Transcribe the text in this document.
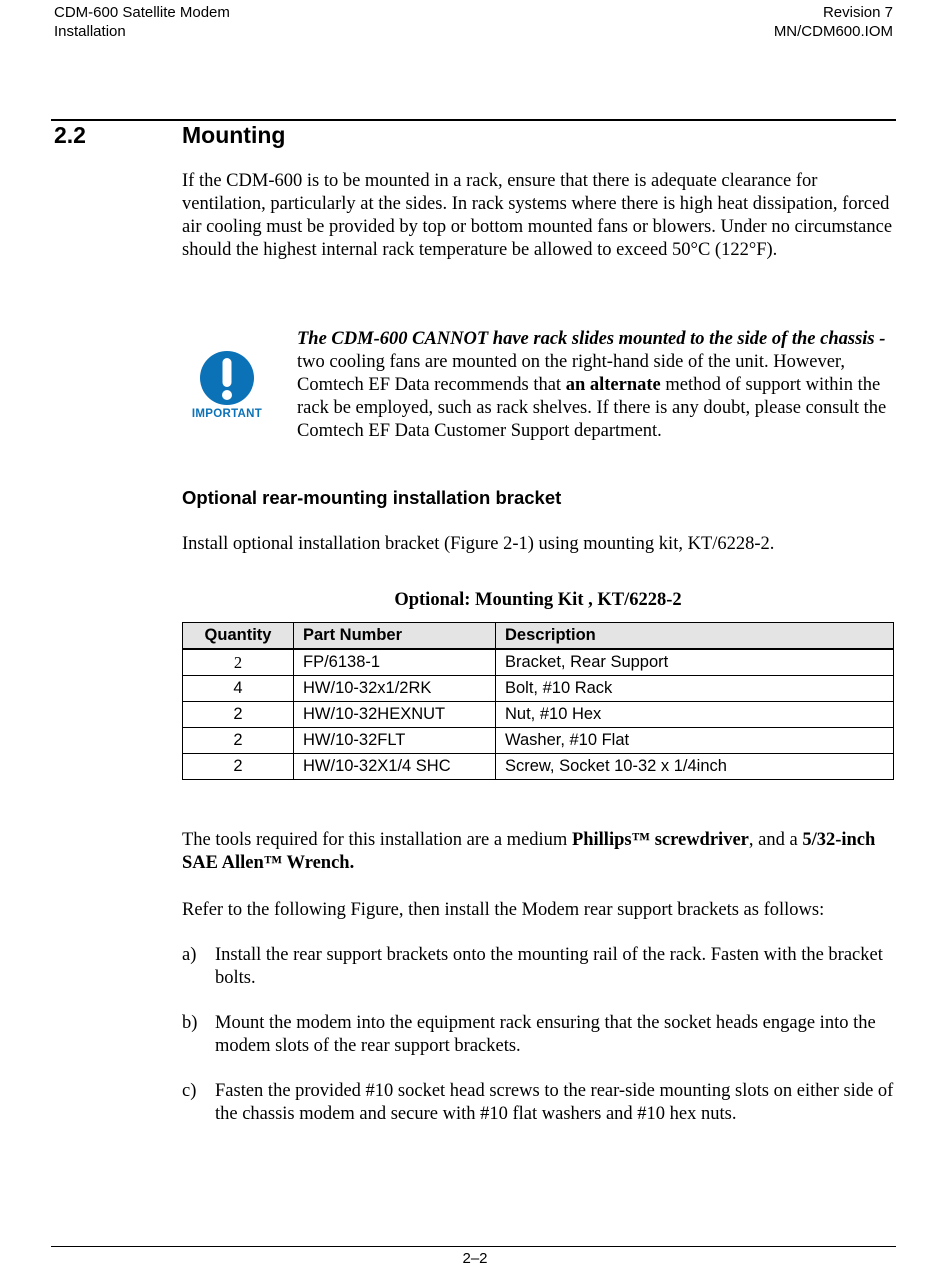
CDM-600 Satellite Modem
Installation
Revision 7
MN/CDM600.IOM
2.2	Mounting
If the CDM-600 is to be mounted in a rack, ensure that there is adequate clearance for ventilation, particularly at the sides. In rack systems where there is high heat dissipation, forced air cooling must be provided by top or bottom mounted fans or blowers. Under no circumstance should the highest internal rack temperature be allowed to exceed 50°C (122°F).
IMPORTANT
The CDM-600 CANNOT have rack slides mounted to the side of the chassis - two cooling fans are mounted on the right-hand side of the unit. However, Comtech EF Data recommends that an alternate method of support within the rack be employed, such as rack shelves. If there is any doubt, please consult the Comtech EF Data Customer Support department.
Optional rear-mounting installation bracket
Install optional installation bracket (Figure 2-1) using mounting kit, KT/6228-2.
Optional: Mounting Kit , KT/6228-2
Quantity	Part Number	Description
2	FP/6138-1	Bracket, Rear Support
4	HW/10-32x1/2RK	Bolt, #10 Rack
2	HW/10-32HEXNUT	Nut, #10 Hex
2	HW/10-32FLT	Washer, #10 Flat
2	HW/10-32X1/4 SHC	Screw, Socket 10-32 x 1/4inch
The tools required for this installation are a medium Phillips™ screwdriver, and a 5/32-inch SAE Allen™ Wrench.
Refer to the following Figure, then install the Modem rear support brackets as follows:
a) Install the rear support brackets onto the mounting rail of the rack. Fasten with the bracket bolts.
b) Mount the modem into the equipment rack ensuring that the socket heads engage into the modem slots of the rear support brackets.
c) Fasten the provided #10 socket head screws to the rear-side mounting slots on either side of the chassis modem and secure with #10 flat washers and #10 hex nuts.
2–2
